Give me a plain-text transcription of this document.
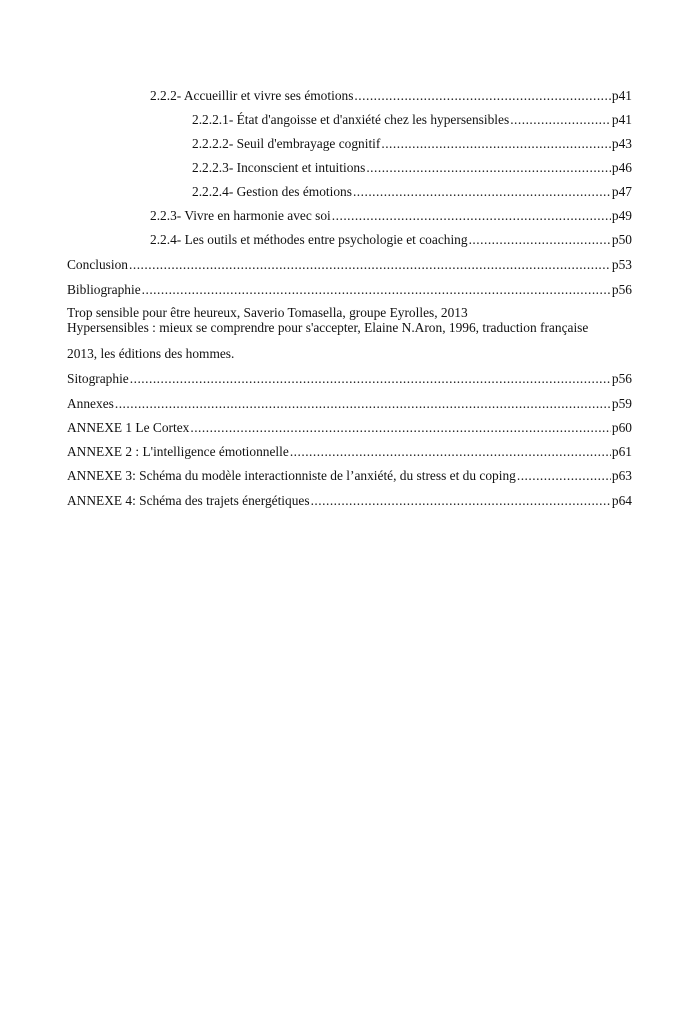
2.2.2- Accueillir et vivre ses émotions .....	p41
2.2.2.1- État d'angoisse et d'anxiété chez les hypersensibles .....	p41
2.2.2.2- Seuil d'embrayage cognitif .....	p43
2.2.2.3- Inconscient et intuitions .....	p46
2.2.2.4- Gestion des émotions .....	p47
2.2.3- Vivre en harmonie avec soi .....	p49
2.2.4- Les outils et méthodes entre psychologie et coaching .....	p50
Conclusion .....	p53
Bibliographie .....	p56
Trop sensible pour être heureux, Saverio Tomasella, groupe Eyrolles, 2013
Hypersensibles : mieux se comprendre pour s'accepter, Elaine N.Aron, 1996, traduction française
2013, les éditions des hommes.
Sitographie .....	p56
Annexes .....	p59
ANNEXE 1 Le Cortex .....	p60
ANNEXE 2 : L'intelligence émotionnelle .....	p61
ANNEXE 3: Schéma du modèle interactionniste de l’anxiété, du stress et du coping .....	p63
ANNEXE 4: Schéma des trajets énergétiques .....	p64
